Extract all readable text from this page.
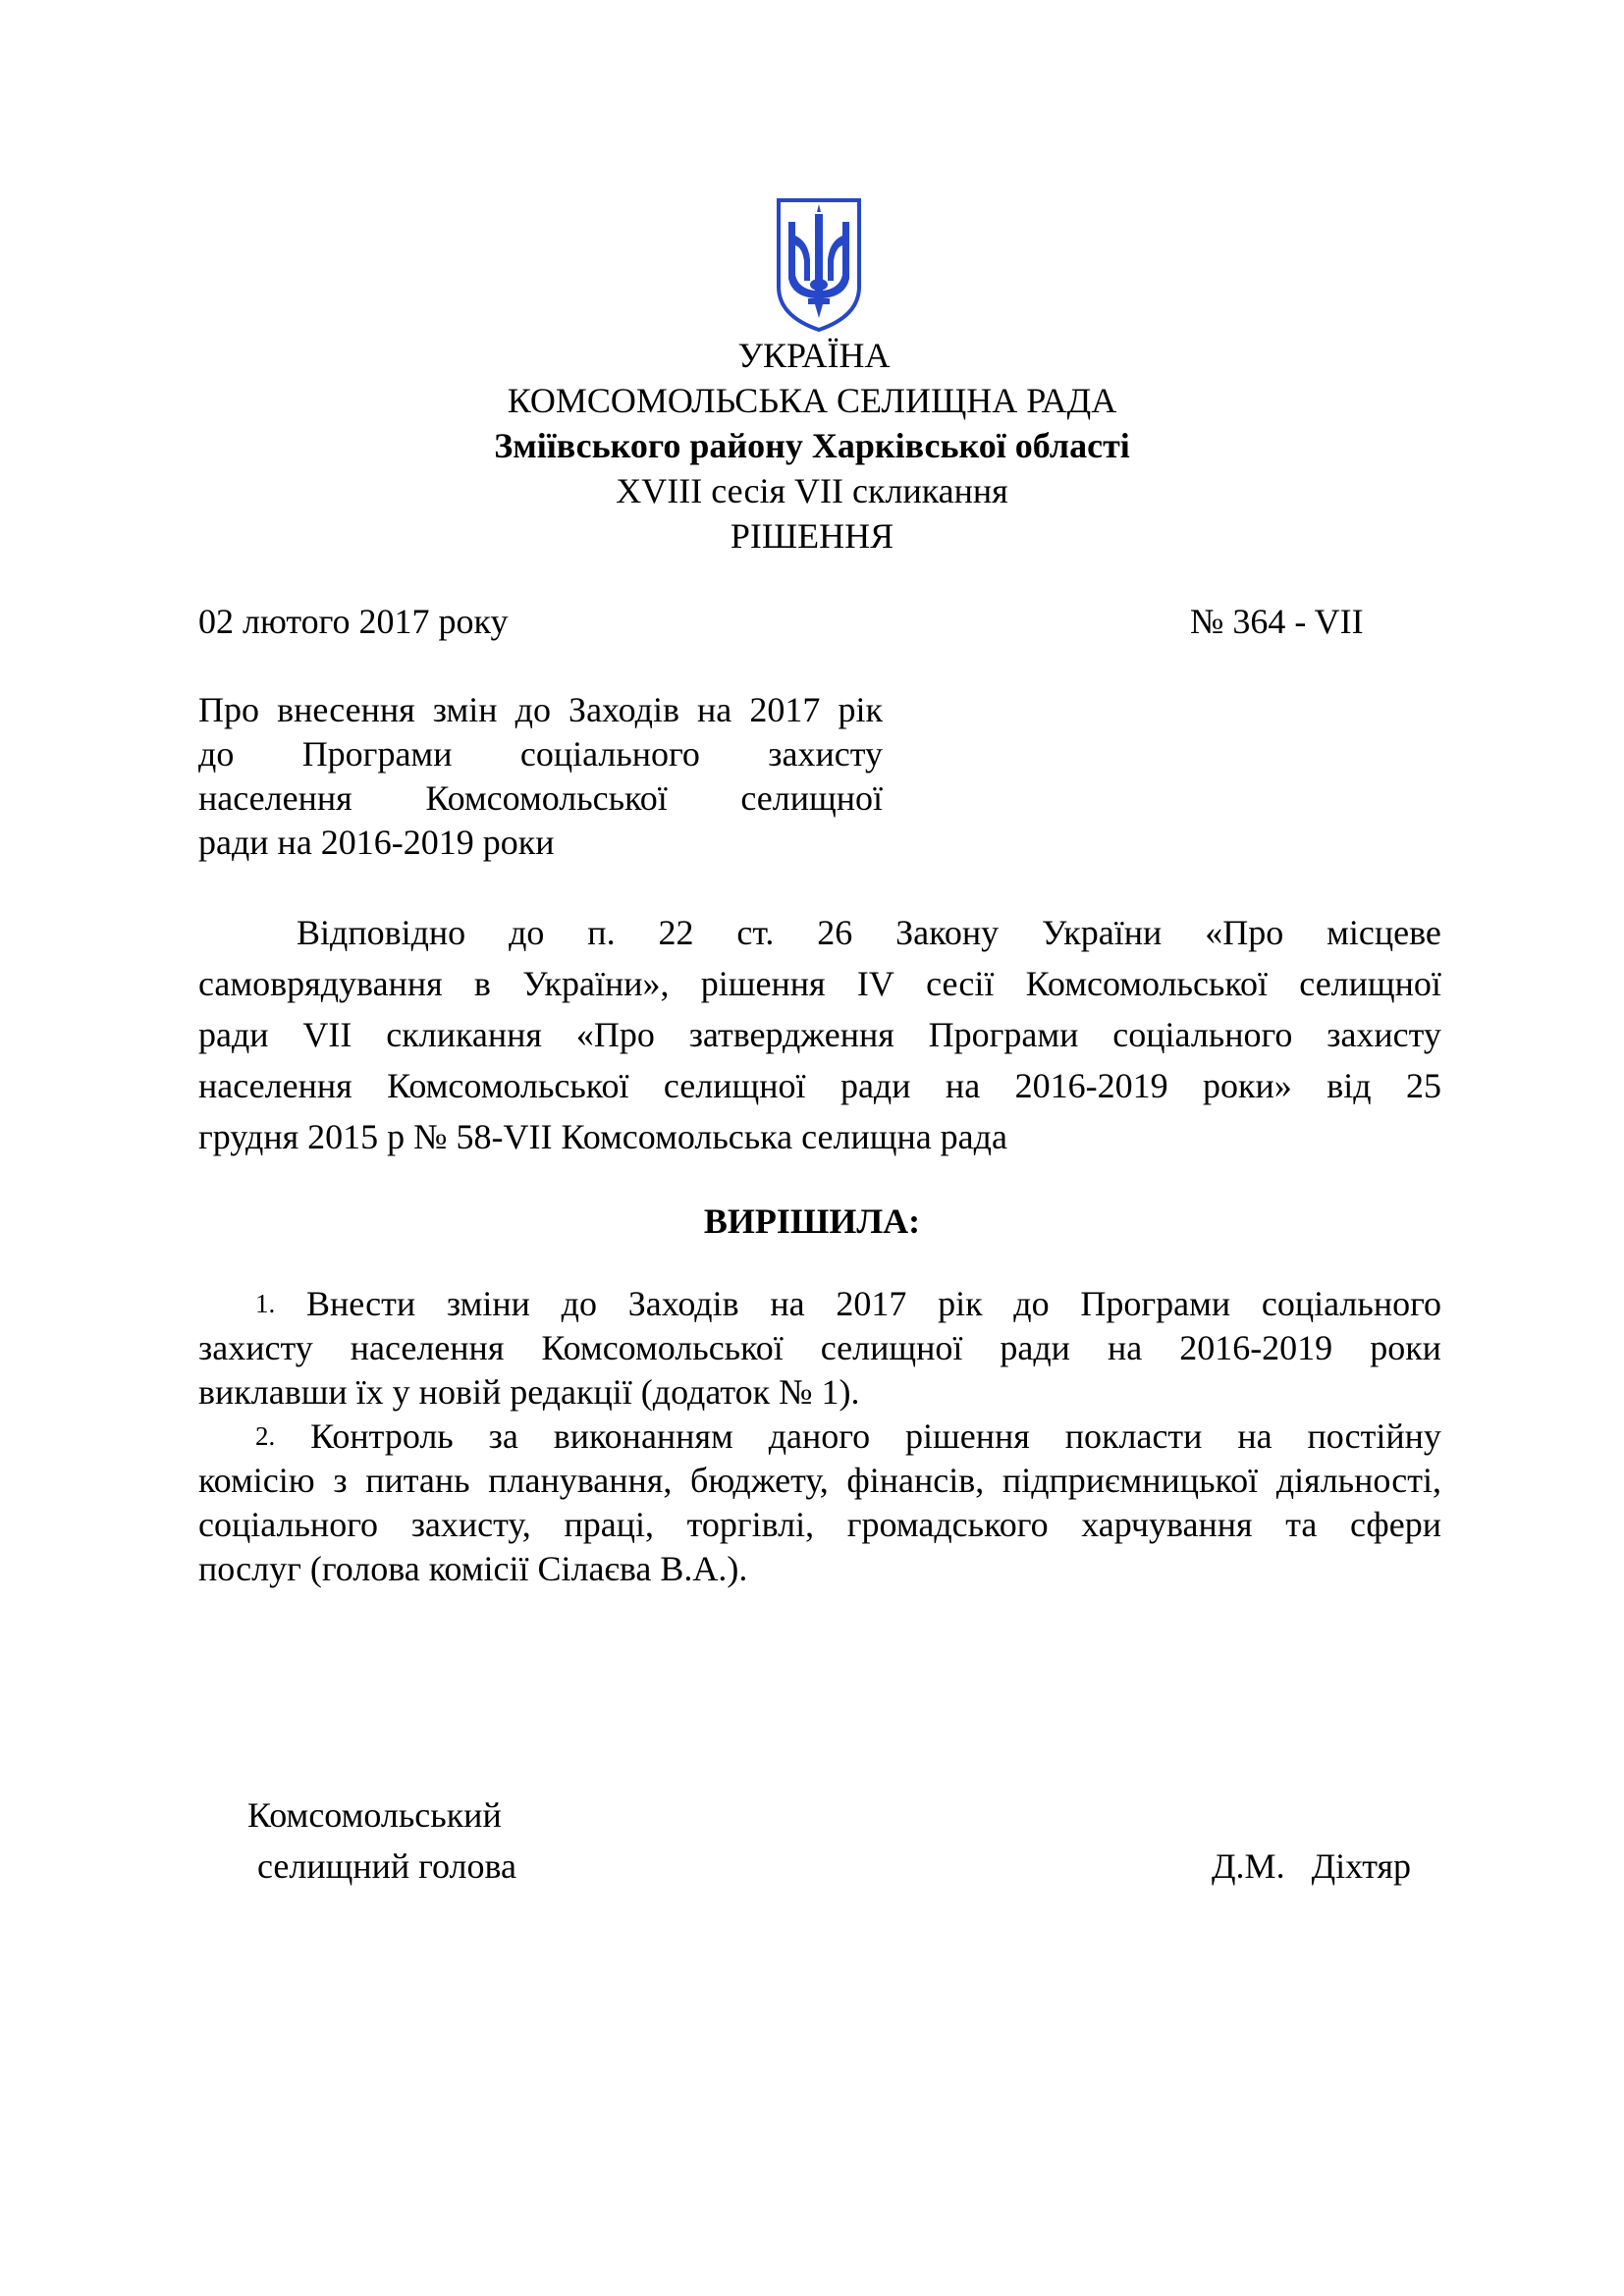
УКРАЇНА
КОМСОМОЛЬСЬКА СЕЛИЩНА РАДА
Зміївського району Харківської області
XVIII сесія VII скликання
РІШЕННЯ
02 лютого 2017 року	№ 364 - VII
Про внесення змін до Заходів на 2017 рік
до Програми соціального захисту
населення Комсомольської селищної
ради на 2016-2019 роки
Відповідно до п. 22 ст. 26 Закону України «Про місцеве
самоврядування в України», рішення IV сесії Комсомольської селищної
ради VII скликання «Про затвердження Програми соціального захисту
населення Комсомольської селищної ради на 2016-2019 роки» від 25
грудня 2015 р № 58-VII Комсомольська селищна рада
ВИРІШИЛА:
1. Внести зміни до Заходів на 2017 рік до Програми соціального
захисту населення Комсомольської селищної ради на 2016-2019 роки
виклавши їх у новій редакції (додаток № 1).
2. Контроль за виконанням даного рішення покласти на постійну
комісію з питань планування, бюджету, фінансів, підприємницької діяльності,
соціального захисту, праці, торгівлі, громадського харчування та сфери
послуг (голова комісії Сілаєва В.А.).
Комсомольський
селищний голова	Д.М.   Діхтяр
